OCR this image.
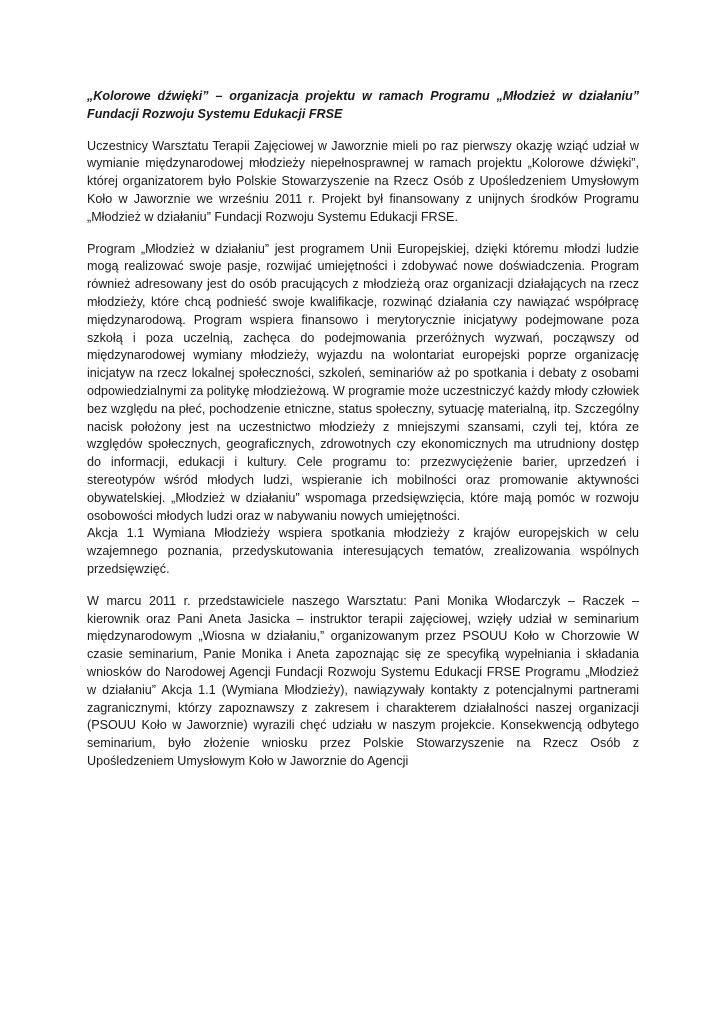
„Kolorowe dźwięki” – organizacja projektu w ramach Programu „Młodzież w działaniu” Fundacji Rozwoju Systemu Edukacji FRSE

Uczestnicy Warsztatu Terapii Zajęciowej w Jaworznie mieli po raz pierwszy okazję wziąć udział w wymianie międzynarodowej młodzieży niepełnosprawnej w ramach projektu „Kolorowe dźwięki”, której organizatorem było Polskie Stowarzyszenie na Rzecz Osób z Upośledzeniem Umysłowym Koło w Jaworznie we wrześniu 2011 r. Projekt był finansowany z unijnych środków Programu „Młodzież w działaniu” Fundacji Rozwoju Systemu Edukacji FRSE.

Program „Młodzież w działaniu” jest programem Unii Europejskiej, dzięki któremu młodzi ludzie mogą realizować swoje pasje, rozwijać umiejętności i zdobywać nowe doświadczenia. Program również adresowany jest do osób pracujących z młodzieżą oraz organizacji działających na rzecz młodzieży, które chcą podnieść swoje kwalifikacje, rozwinąć działania czy nawiązać współpracę międzynarodową. Program wspiera finansowo i merytorycznie inicjatywy podejmowane poza szkołą i poza uczelnią, zachęca do podejmowania przeróżnych wyzwań, począwszy od międzynarodowej wymiany młodzieży, wyjazdu na wolontariat europejski poprze organizację inicjatyw na rzecz lokalnej społeczności, szkoleń, seminariów aż po spotkania i debaty z osobami odpowiedzialnymi za politykę młodzieżową. W programie może uczestniczyć każdy młody człowiek bez względu na płeć, pochodzenie etniczne, status społeczny, sytuację materialną, itp. Szczególny nacisk położony jest na uczestnictwo młodzieży z mniejszymi szansami, czyli tej, która ze względów społecznych, geograficznych, zdrowotnych czy ekonomicznych ma utrudniony dostęp do informacji, edukacji i kultury. Cele programu to: przezwyciężenie barier, uprzedzeń i stereotypów wśród młodych ludzi, wspieranie ich mobilności oraz promowanie aktywności obywatelskiej. „Młodzież w działaniu” wspomaga przedsięwzięcia, które mają pomóc w rozwoju osobowości młodych ludzi oraz w nabywaniu nowych umiejętności.

Akcja 1.1 Wymiana Młodzieży wspiera spotkania młodzieży z krajów europejskich w celu wzajemnego poznania, przedyskutowania interesujących tematów, zrealizowania wspólnych przedsięwzięć.

W marcu 2011 r. przedstawiciele naszego Warsztatu: Pani Monika Włodarczyk – Raczek – kierownik oraz Pani Aneta Jasicka – instruktor terapii zajęciowej, wzięły udział w seminarium międzynarodowym „Wiosna w działaniu,” organizowanym przez PSOUU Koło w Chorzowie W czasie seminarium, Panie Monika i Aneta zapoznając się ze specyfiką wypełniania i składania wniosków do Narodowej Agencji Fundacji Rozwoju Systemu Edukacji FRSE Programu „Młodzież w działaniu” Akcja 1.1 (Wymiana Młodzieży), nawiązywały kontakty z potencjalnymi partnerami zagranicznymi, którzy zapoznawszy z zakresem i charakterem działalności naszej organizacji (PSOUU Koło w Jaworznie) wyrazili chęć udziału w naszym projekcie. Konsekwencją odbytego seminarium, było złożenie wniosku przez Polskie Stowarzyszenie na Rzecz Osób z Upośledzeniem Umysłowym Koło w Jaworznie do Agencji
